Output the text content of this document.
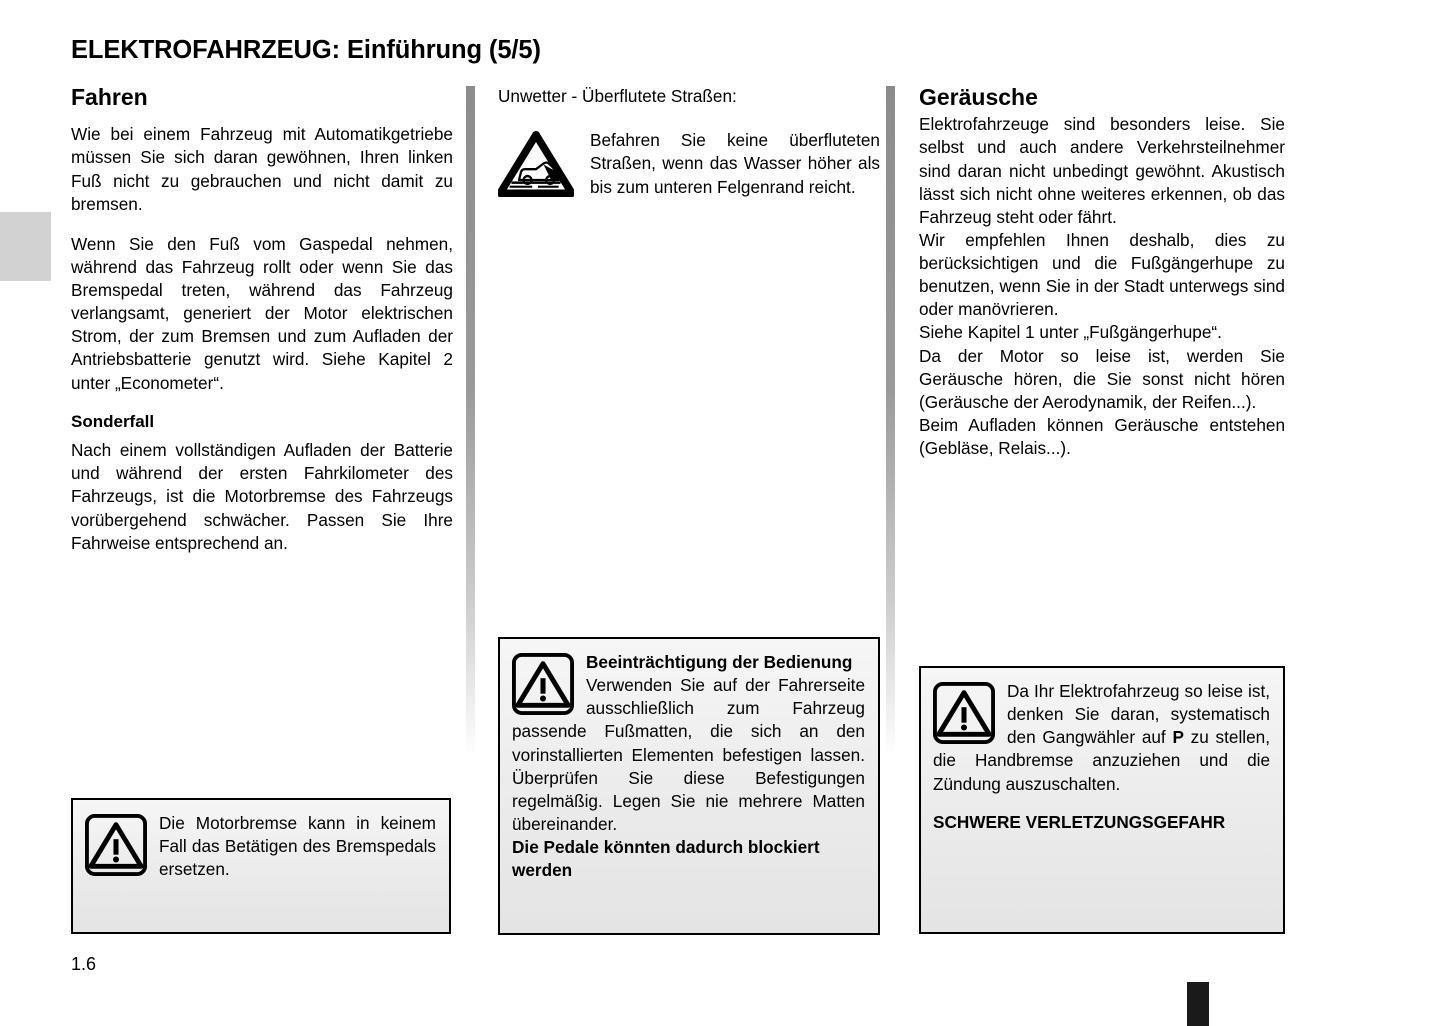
ELEKTROFAHRZEUG: Einführung (5/5)
Fahren

Wie bei einem Fahrzeug mit Automatikgetriebe müssen Sie sich daran gewöhnen, Ihren linken Fuß nicht zu gebrauchen und nicht damit zu bremsen.

Wenn Sie den Fuß vom Gaspedal nehmen, während das Fahrzeug rollt oder wenn Sie das Bremspedal treten, während das Fahrzeug verlangsamt, generiert der Motor elektrischen Strom, der zum Bremsen und zum Aufladen der Antriebsbatterie genutzt wird. Siehe Kapitel 2 unter „Econometer“.

Sonderfall

Nach einem vollständigen Aufladen der Batterie und während der ersten Fahrkilometer des Fahrzeugs, ist die Motorbremse des Fahrzeugs vorübergehend schwächer. Passen Sie Ihre Fahrweise entsprechend an.

Die Motorbremse kann in keinem Fall das Betätigen des Bremspedals ersetzen.

Unwetter - Überflutete Straßen:

Befahren Sie keine überfluteten Straßen, wenn das Wasser höher als bis zum unteren Felgenrand reicht.

Beeinträchtigung der Bedienung

Verwenden Sie auf der Fahrerseite ausschließlich zum Fahrzeug passende Fußmatten, die sich an den vorinstallierten Elementen befestigen lassen. Überprüfen Sie diese Befestigungen regelmäßig. Legen Sie nie mehrere Matten übereinander.

Die Pedale könnten dadurch blockiert werden

Geräusche

Elektrofahrzeuge sind besonders leise. Sie selbst und auch andere Verkehrsteilnehmer sind daran nicht unbedingt gewöhnt. Akustisch lässt sich nicht ohne weiteres erkennen, ob das Fahrzeug steht oder fährt.

Wir empfehlen Ihnen deshalb, dies zu berücksichtigen und die Fußgängerhupe zu benutzen, wenn Sie in der Stadt unterwegs sind oder manövrieren.

Siehe Kapitel 1 unter „Fußgängerhupe“.

Da der Motor so leise ist, werden Sie Geräusche hören, die Sie sonst nicht hören (Geräusche der Aerodynamik, der Reifen...).

Beim Aufladen können Geräusche entstehen (Gebläse, Relais...).

Da Ihr Elektrofahrzeug so leise ist, denken Sie daran, systematisch den Gangwähler auf P zu stellen, die Handbremse anzuziehen und die Zündung auszuschalten.

SCHWERE VERLETZUNGSGEFAHR

1.6
